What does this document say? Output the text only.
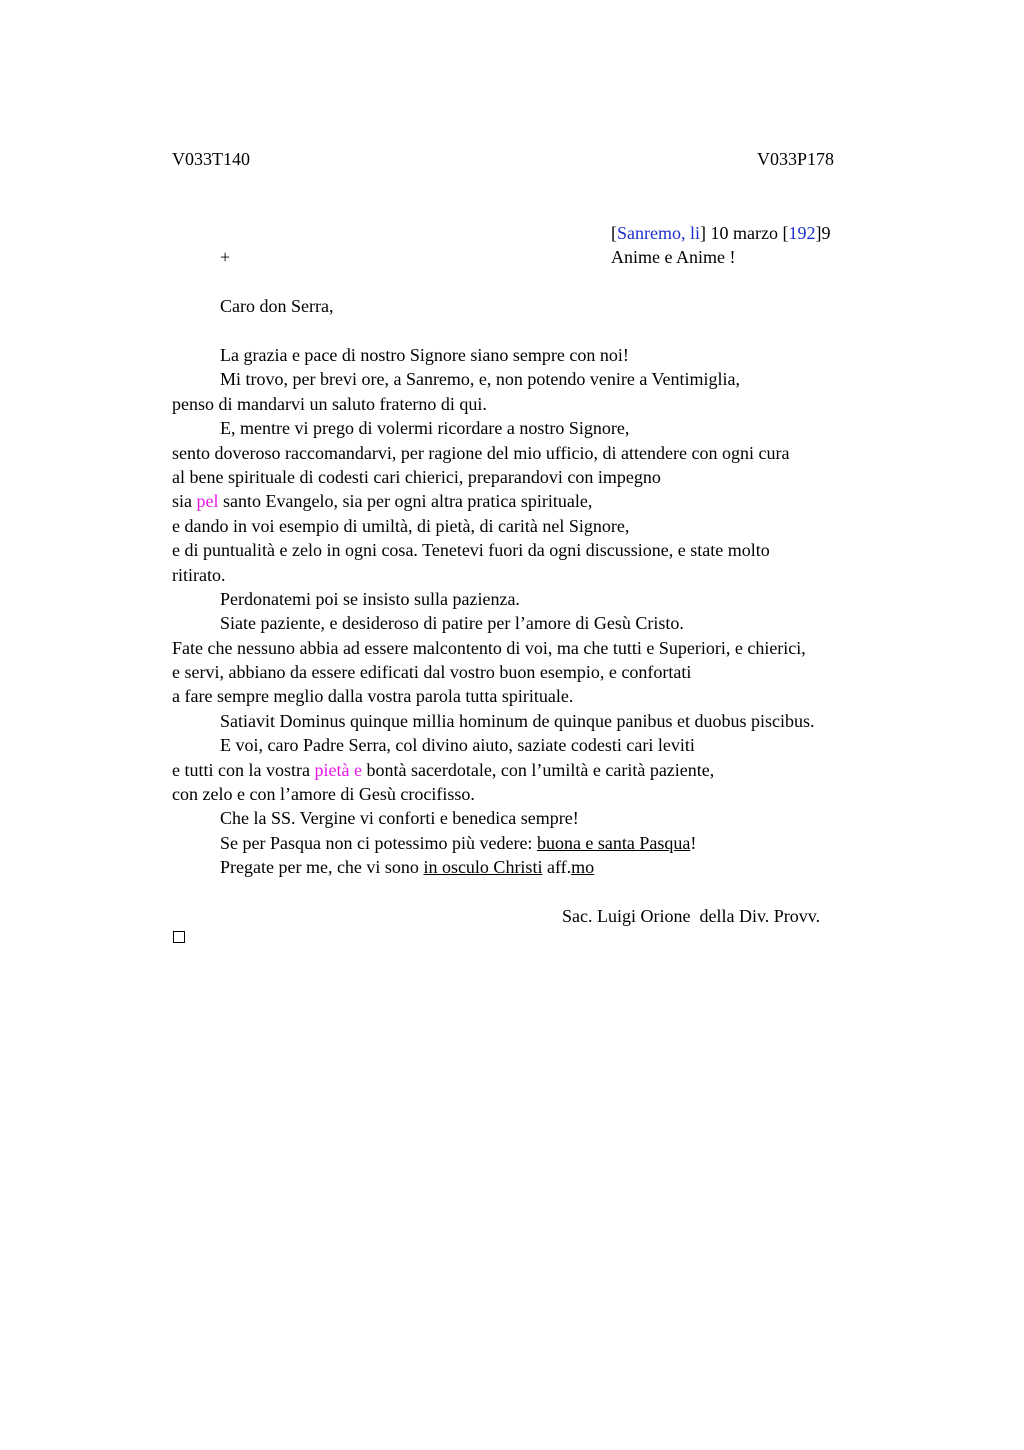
V033T140	V033P178
[Sanremo, li] 10 marzo [192]9
+	Anime e Anime !
Caro don Serra,
La grazia e pace di nostro Signore siano sempre con noi!
Mi trovo, per brevi ore, a Sanremo, e, non potendo venire a Ventimiglia,
penso di mandarvi un saluto fraterno di qui.
E, mentre vi prego di volermi ricordare a nostro Signore,
sento doveroso raccomandarvi, per ragione del mio ufficio, di attendere con ogni cura
al bene spirituale di codesti cari chierici, preparandovi con impegno
sia pel santo Evangelo, sia per ogni altra pratica spirituale,
e dando in voi esempio di umiltà, di pietà, di carità nel Signore,
e di puntualità e zelo in ogni cosa. Tenetevi fuori da ogni discussione, e state molto
ritirato.
Perdonatemi poi se insisto sulla pazienza.
Siate paziente, e desideroso di patire per l’amore di Gesù Cristo.
Fate che nessuno abbia ad essere malcontento di voi, ma che tutti e Superiori, e chierici,
e servi, abbiano da essere edificati dal vostro buon esempio, e confortati
a fare sempre meglio dalla vostra parola tutta spirituale.
Satiavit Dominus quinque millia hominum de quinque panibus et duobus piscibus.
E voi, caro Padre Serra, col divino aiuto, saziate codesti cari leviti
e tutti con la vostra pietà e bontà sacerdotale, con l’umiltà e carità paziente,
con zelo e con l’amore di Gesù crocifisso.
Che la SS. Vergine vi conforti e benedica sempre!
Se per Pasqua non ci potessimo più vedere: buona e santa Pasqua!
Pregate per me, che vi sono in osculo Christi aff.mo
Sac. Luigi Orione  della Div. Provv.
